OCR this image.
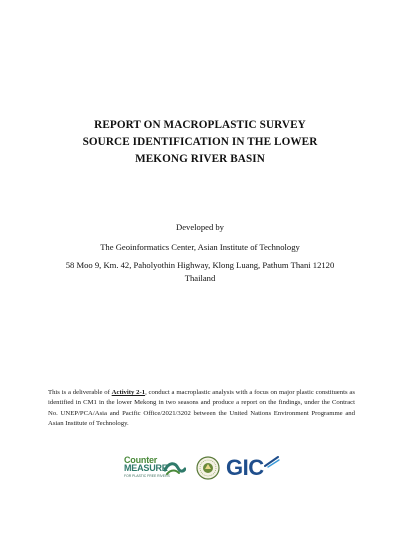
REPORT ON MACROPLASTIC SURVEY
SOURCE IDENTIFICATION IN THE LOWER
MEKONG RIVER BASIN
Developed by
The Geoinformatics Center, Asian Institute of Technology
58 Moo 9, Km. 42, Paholyothin Highway, Klong Luang, Pathum Thani 12120
Thailand
This is a deliverable of Activity 2-1, conduct a macroplastic analysis with a focus on major plastic constituents as identified in CM1 in the lower Mekong in two seasons and produce a report on the findings, under the Contract No. UNEP/PCA/Asia and Pacific Office/2021/3202 between the United Nations Environment Programme and Asian Institute of Technology.
Counter
MEASURE
FOR PLASTIC FREE RIVERS	GIC
